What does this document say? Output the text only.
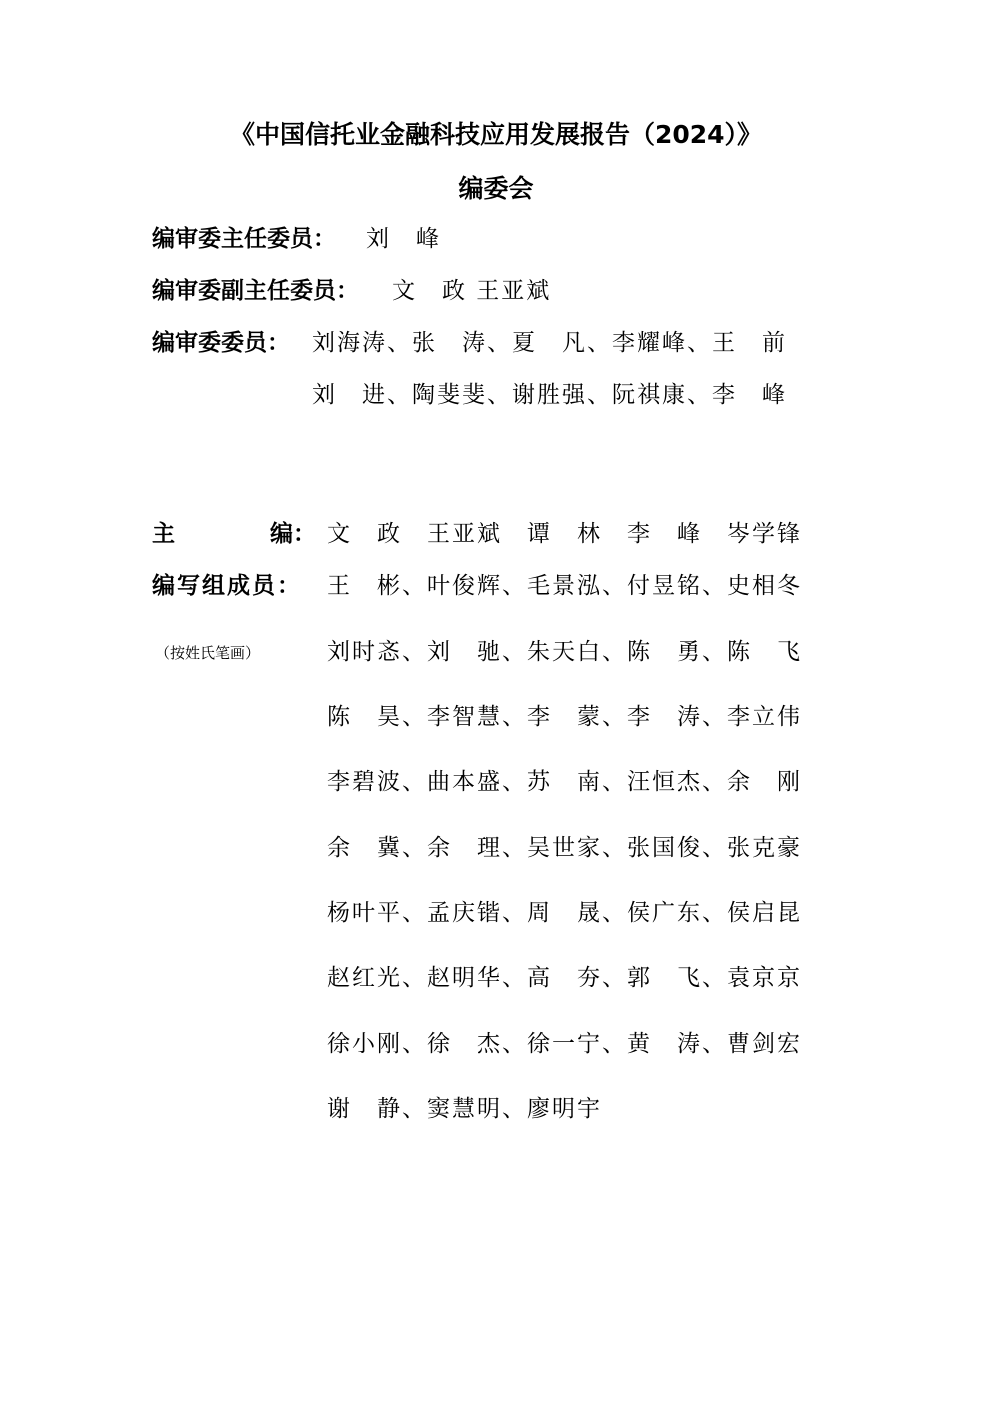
《中国信托业金融科技应用发展报告（2024）》
编委会
编审委主任委员： 刘　峰
编审委副主任委员： 文　政 王亚斌
编审委委员： 刘海涛、张　涛、夏　凡、李耀峰、王　前
刘　进、陶斐斐、谢胜强、阮祺康、李　峰
主	编： 文　政　王亚斌　谭　林　李　峰　岑学锋
编写组成员：
（按姓氏笔画）
王　彬、叶俊辉、毛景泓、付昱铭、史相冬
刘时忞、刘　驰、朱天白、陈　勇、陈　飞
陈　昊、李智慧、李　蒙、李　涛、李立伟
李碧波、曲本盛、苏　南、汪恒杰、余　刚
余　冀、余　理、吴世家、张国俊、张克豪
杨叶平、孟庆锴、周　晟、侯广东、侯启昆
赵红光、赵明华、高　夯、郭　飞、袁京京
徐小刚、徐　杰、徐一宁、黄　涛、曹剑宏
谢　静、窦慧明、廖明宇
